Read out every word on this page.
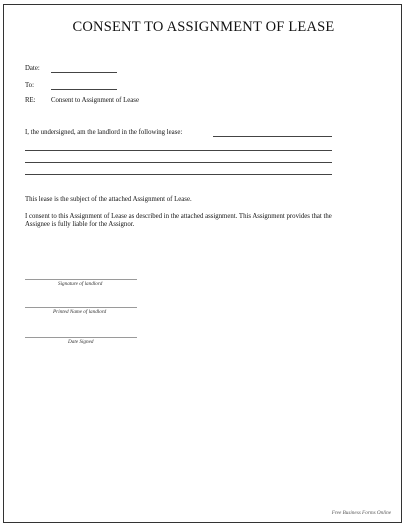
CONSENT TO ASSIGNMENT OF LEASE
Date:
To:
RE: Consent to Assignment of Lease
I, the undersigned, am the landlord in the following lease:
This lease is the subject of the attached Assignment of Lease.
I consent to this Assignment of Lease as described in the attached assignment. This Assignment provides that the
Assignee is fully liable for the Assignor.
Signature of landlord
Printed Name of landlord
Date Signed
Free Business Forms Online
